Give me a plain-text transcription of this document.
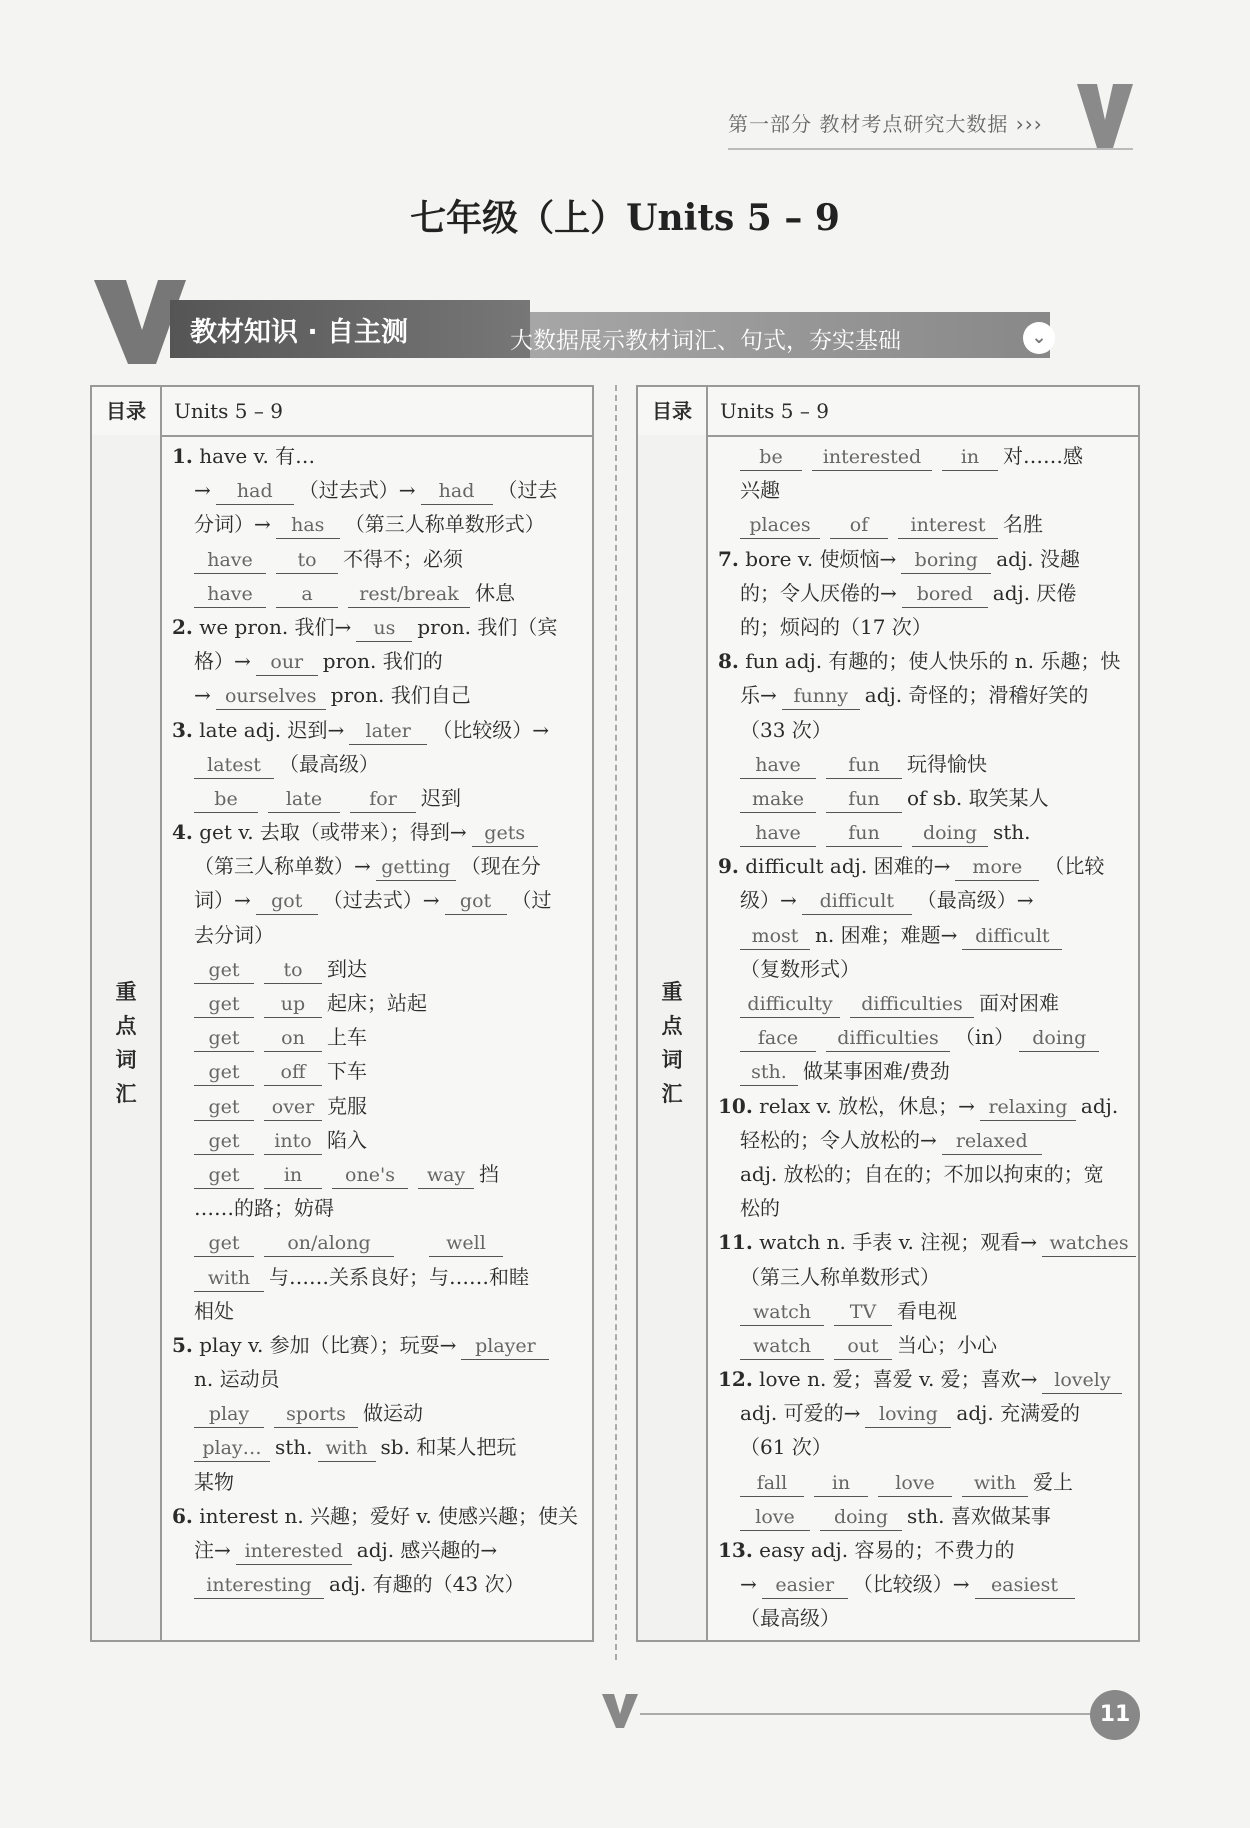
第一部分 教材考点研究大数据 ›››
七年级（上）Units 5 – 9
教材知识 · 自主测	大数据展示教材词汇、句式，夯实基础	⌄
目录	Units 5 – 9
重
点
词
汇
1. have v. 有…
→ had （过去式）→ had （过去
分词）→ has （第三人称单数形式）
have to 不得不；必须
have	a rest/break 休息
2. we pron. 我们→ us pron. 我们（宾
格）→ our pron. 我们的
→ ourselves pron. 我们自己
3. late adj. 迟到→ later （比较级）→
latest （最高级）
be	late for 迟到
4. get v. 去取（或带来）；得到→ gets
（第三人称单数）→ getting （现在分
词）→ got （过去式）→ got （过
去分词）
get to 到达
get up 起床；站起
get on 上车
get off 下车
get over 克服
get into 陷入
get in one's way 挡
……的路；妨碍
get	on/along	well
with 与……关系良好；与……和睦
相处
5. play v. 参加（比赛）；玩耍→ player
n. 运动员
play sports 做运动
play… sth. with sb. 和某人把玩
某物
6. interest n. 兴趣；爱好 v. 使感兴趣；使关
注→ interested adj. 感兴趣的→
interesting adj. 有趣的（43 次）
目录	Units 5 – 9
重
点
词
汇
be interested in 对……感
兴趣
places of interest 名胜
7. bore v. 使烦恼→ boring adj. 没趣
的；令人厌倦的→ bored adj. 厌倦
的；烦闷的（17 次）
8. fun adj. 有趣的；使人快乐的 n. 乐趣；快
乐→ funny adj. 奇怪的；滑稽好笑的
（33 次）
have fun 玩得愉快
make fun of sb. 取笑某人
have fun doing sth.
9. difficult adj. 困难的→ more （比较
级）→ difficult （最高级）→
most n. 困难；难题→ difficult
（复数形式）
difficulty difficulties 面对困难
face difficulties （in） doing
sth. 做某事困难/费劲
10. relax v. 放松，休息；→ relaxing adj.
轻松的；令人放松的→ relaxed
adj. 放松的；自在的；不加以拘束的；宽
松的
11. watch n. 手表 v. 注视；观看→ watches
（第三人称单数形式）
watch TV 看电视
watch out 当心；小心
12. love n. 爱；喜爱 v. 爱；喜欢→ lovely
adj. 可爱的→ loving adj. 充满爱的
（61 次）
fall in love with 爱上
love doing sth. 喜欢做某事
13. easy adj. 容易的；不费力的
→ easier （比较级）→ easiest
（最高级）
11
